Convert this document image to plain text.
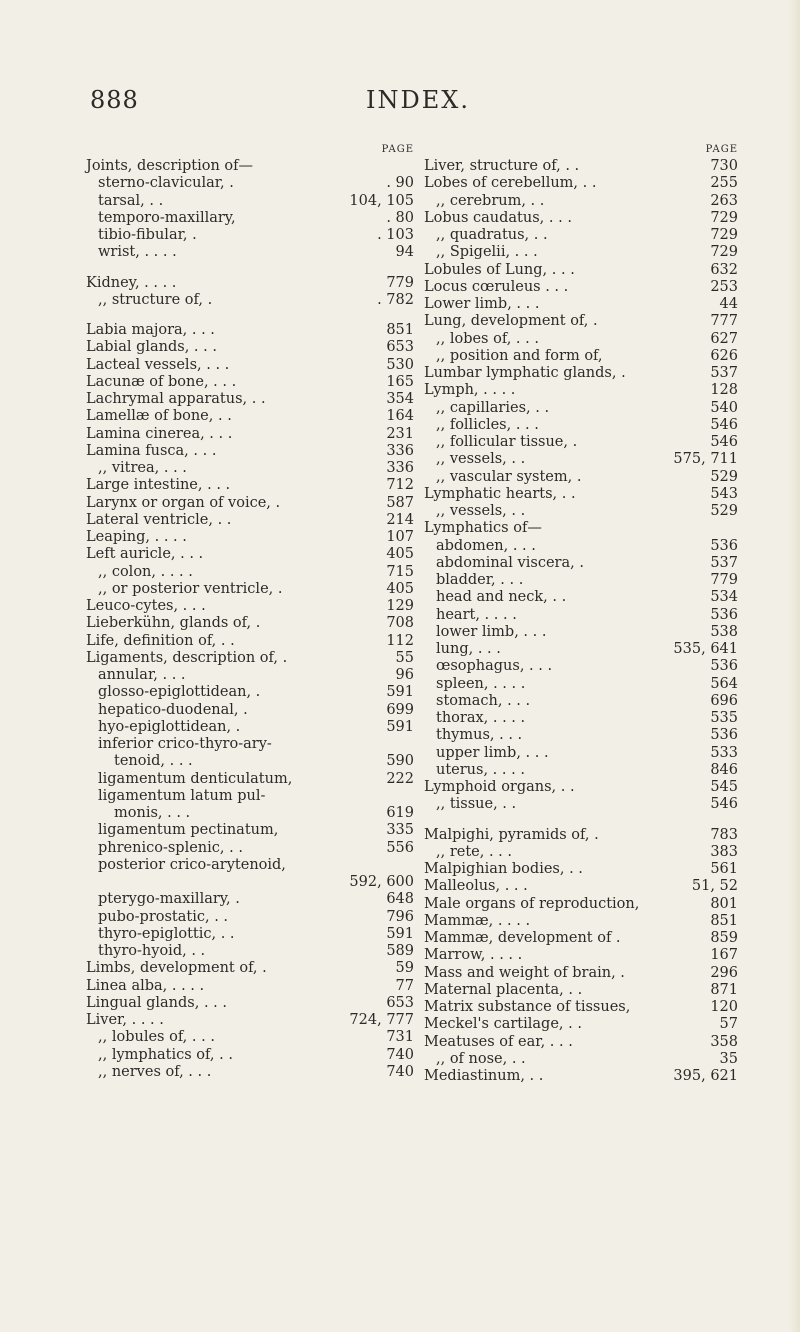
888	INDEX.
PAGE
Joints, description of—
sterno-clavicular, .	. 90
tarsal, . .	104, 105
temporo-maxillary,	. 80
tibio-fibular, .	. 103
wrist, . . . .	94
Kidney, . . . .	779
,, structure of, .	. 782
Labia majora, . . .	851
Labial glands, . . .	653
Lacteal vessels, . . .	530
Lacunæ of bone, . . .	165
Lachrymal apparatus, . .	354
Lamellæ of bone, . .	164
Lamina cinerea, . . .	231
Lamina fusca, . . .	336
,, vitrea, . . .	336
Large intestine, . . .	712
Larynx or organ of voice, .	587
Lateral ventricle, . .	214
Leaping, . . . .	107
Left auricle, . . .	405
,, colon, . . . .	715
,, or posterior ventricle, .	405
Leuco-cytes, . . .	129
Lieberkühn, glands of, .	708
Life, definition of, . .	112
Ligaments, description of, .	55
annular, . . .	96
glosso-epiglottidean, .	591
hepatico-duodenal, .	699
hyo-epiglottidean, .	591
inferior crico-thyro-ary-
tenoid, . . .	590
ligamentum denticulatum,	222
ligamentum latum pul-
monis, . . .	619
ligamentum pectinatum,	335
phrenico-splenic, . .	556
posterior crico-arytenoid,
592, 600
pterygo-maxillary, .	648
pubo-prostatic, . .	796
thyro-epiglottic, . .	591
thyro-hyoid, . .	589
Limbs, development of, .	59
Linea alba, . . . .	77
Lingual glands, . . .	653
Liver, . . . .	724, 777
,, lobules of, . . .	731
,, lymphatics of, . .	740
,, nerves of, . . .	740
PAGE
Liver, structure of, . .	730
Lobes of cerebellum, . .	255
,, cerebrum, . .	263
Lobus caudatus, . . .	729
,, quadratus, . .	729
,, Spigelii, . . .	729
Lobules of Lung, . . .	632
Locus cœruleus . . .	253
Lower limb, . . .	44
Lung, development of, .	777
,, lobes of, . . .	627
,, position and form of,	626
Lumbar lymphatic glands, .	537
Lymph, . . . .	128
,, capillaries, . .	540
,, follicles, . . .	546
,, follicular tissue, .	546
,, vessels, . .	575, 711
,, vascular system, .	529
Lymphatic hearts, . .	543
,, vessels, . .	529
Lymphatics of—
abdomen, . . .	536
abdominal viscera, .	537
bladder, . . .	779
head and neck, . .	534
heart, . . . .	536
lower limb, . . .	538
lung, . . .	535, 641
œsophagus, . . .	536
spleen, . . . .	564
stomach, . . .	696
thorax, . . . .	535
thymus, . . .	536
upper limb, . . .	533
uterus, . . . .	846
Lymphoid organs, . .	545
,, tissue, . .	546
Malpighi, pyramids of, .	783
,, rete, . . .	383
Malpighian bodies, . .	561
Malleolus, . . .	51, 52
Male organs of reproduction,	801
Mammæ, . . . .	851
Mammæ, development of .	859
Marrow, . . . .	167
Mass and weight of brain, .	296
Maternal placenta, . .	871
Matrix substance of tissues,	120
Meckel's cartilage, . .	57
Meatuses of ear, . . .	358
,, of nose, . .	35
Mediastinum, . .	395, 621
